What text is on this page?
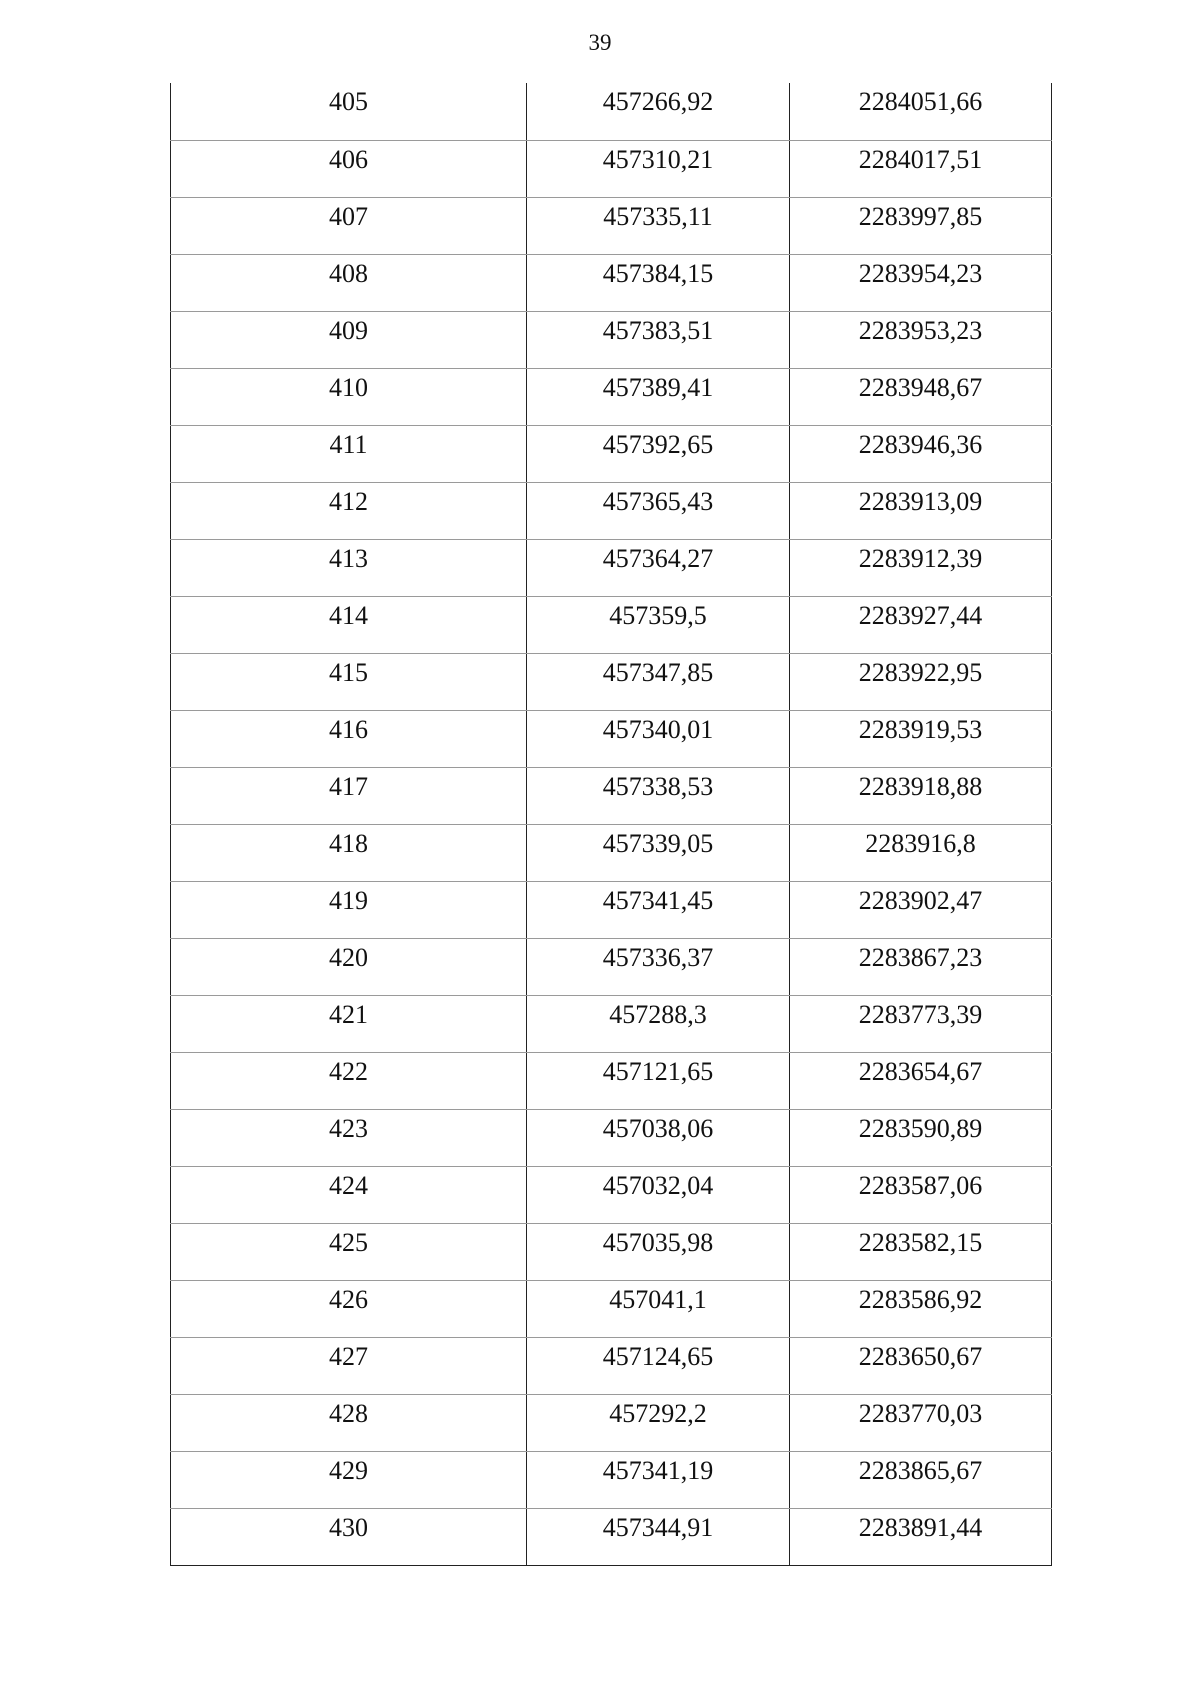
39
405	457266,92	2284051,66
406	457310,21	2284017,51
407	457335,11	2283997,85
408	457384,15	2283954,23
409	457383,51	2283953,23
410	457389,41	2283948,67
411	457392,65	2283946,36
412	457365,43	2283913,09
413	457364,27	2283912,39
414	457359,5	2283927,44
415	457347,85	2283922,95
416	457340,01	2283919,53
417	457338,53	2283918,88
418	457339,05	2283916,8
419	457341,45	2283902,47
420	457336,37	2283867,23
421	457288,3	2283773,39
422	457121,65	2283654,67
423	457038,06	2283590,89
424	457032,04	2283587,06
425	457035,98	2283582,15
426	457041,1	2283586,92
427	457124,65	2283650,67
428	457292,2	2283770,03
429	457341,19	2283865,67
430	457344,91	2283891,44
